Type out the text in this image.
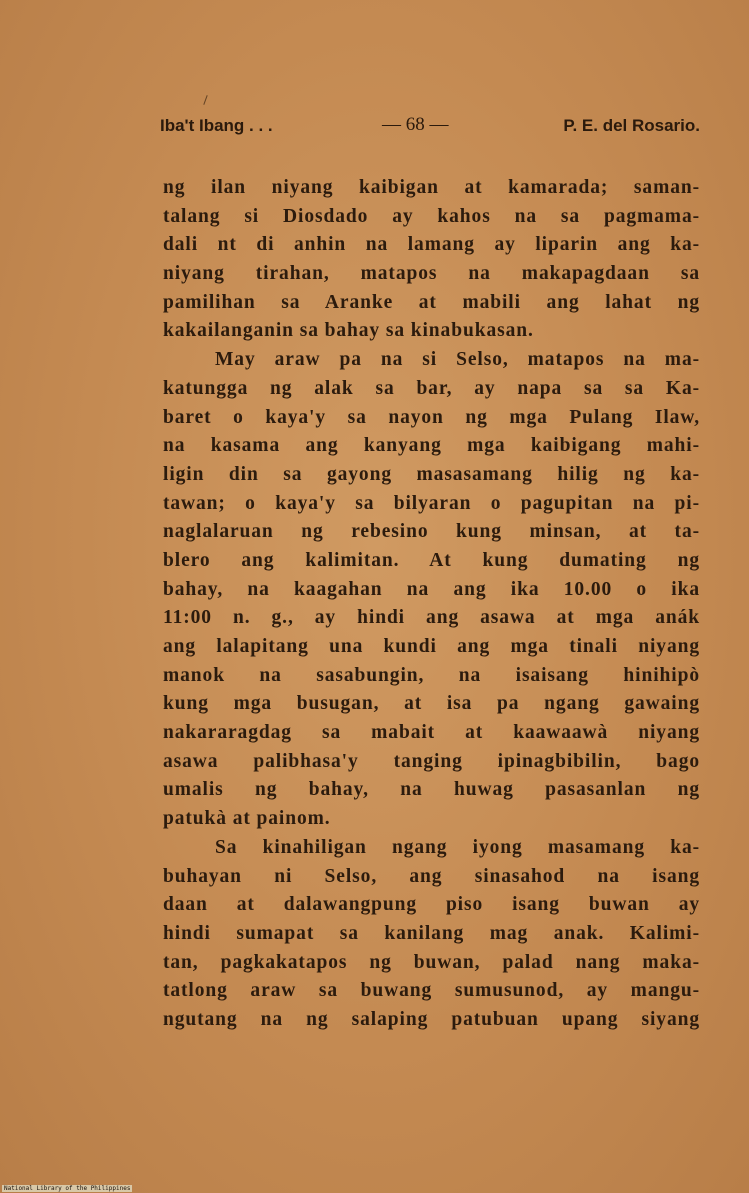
Iba't Ibang . . .	— 68 —	P. E. del Rosario.
ng ilan niyang kaibigan at kamarada; saman-
talang si Diosdado ay kahos na sa pagmama-
dali nt di anhin na lamang ay liparin ang ka-
niyang tirahan, matapos na makapagdaan sa
pamilihan sa Aranke at mabili ang lahat ng
kakailanganin sa bahay sa kinabukasan.
May araw pa na si Selso, matapos na ma-
katungga ng alak sa bar, ay napa sa sa Ka-
baret o kaya'y sa nayon ng mga Pulang Ilaw,
na kasama ang kanyang mga kaibigang mahi-
ligin din sa gayong masasamang hilig ng ka-
tawan; o kaya'y sa bilyaran o pagupitan na pi-
naglalaruan ng rebesino kung minsan, at ta-
blero ang kalimitan. At kung dumating ng
bahay, na kaagahan na ang ika 10.00 o ika
11:00 n. g., ay hindi ang asawa at mga anák
ang lalapitang una kundi ang mga tinali niyang
manok na sasabungin, na isaisang hinihipò
kung mga busugan, at isa pa ngang gawaing
nakararagdag sa mabait at kaawaawà niyang
asawa palibhasa'y tanging ipinagbibilin, bago
umalis ng bahay, na huwag pasasanlan ng
patukà at painom.
Sa kinahiligan ngang iyong masamang ka-
buhayan ni Selso, ang sinasahod na isang
daan at dalawangpung piso isang buwan ay
hindi sumapat sa kanilang mag anak. Kalimi-
tan, pagkakatapos ng buwan, palad nang maka-
tatlong araw sa buwang sumusunod, ay mangu-
ngutang na ng salaping patubuan upang siyang
National Library of the Philippines
